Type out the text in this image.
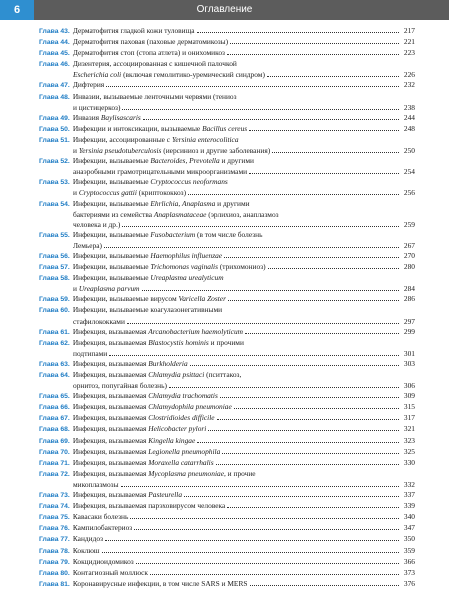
6	Оглавление
Глава 43. Дерматофития гладкой кожи туловища	217
Глава 44. Дерматофития паховая (паховые дерматомикозы)	221
Глава 45. Дерматофития стоп (стопа атлета) и онихомикоз	223
Глава 46. Дизентерия, ассоциированная с кишечной палочкой
Escherichia coli (включая гемолитико-уремический синдром)	226
Глава 47. Дифтерия	232
Глава 48. Инвазии, вызываемые ленточными червями (тениоз
и цистицеркоз)	238
Глава 49. Инвазия Baylisascaris	244
Глава 50. Инфекции и интоксикации, вызываемые Bacillus cereus	248
Глава 51. Инфекции, ассоциированные с Yersinia enterocolitica
и Yersinia pseudotuberculosis (иерсиниоз и другие заболевания)	250
Глава 52. Инфекции, вызываемые Bacteroides, Prevotella и другими
анаэробными грамотрицательными микроорганизмами	254
Глава 53. Инфекции, вызываемые Cryptococcus neoformans
и Cryptococcus gattii (криптококкоз)	256
Глава 54. Инфекции, вызываемые Ehrlichia, Anaplasma и другими
бактериями из семейства Anaplasmataceae (эрлихиоз, анаплазмоз
человека и др.)	259
Глава 55. Инфекции, вызываемые Fusobacterium (в том числе болезнь
Лемьера)	267
Глава 56. Инфекции, вызываемые Haemophilus influenzae	270
Глава 57. Инфекции, вызываемые Trichomonas vaginalis (трихомониоз)	280
Глава 58. Инфекции, вызываемые Ureaplasma urealyticum
и Ureaplasma parvum	284
Глава 59. Инфекции, вызываемые вирусом Varicella Zoster	286
Глава 60. Инфекции, вызываемые коагулазонегативными
стафилококками	297
Глава 61. Инфекция, вызываемая Arcanobacterium haemolyticum	299
Глава 62. Инфекция, вызываемая Blastocystis hominis и прочими
подтипами	301
Глава 63. Инфекция, вызываемая Burkholderia	303
Глава 64. Инфекция, вызываемая Chlamydia psittaci (пситтакоз,
орнитоз, попугайная болезнь)	306
Глава 65. Инфекция, вызываемая Chlamydia trachomatis	309
Глава 66. Инфекция, вызываемая Chlamydophila pneumoniae	315
Глава 67. Инфекция, вызываемая Clostridioides difficile	317
Глава 68. Инфекция, вызываемая Helicobacter pylori	321
Глава 69. Инфекция, вызываемая Kingella kingae	323
Глава 70. Инфекция, вызываемая Legionella pneumophila	325
Глава 71. Инфекция, вызываемая Moraxella catarrhalis	330
Глава 72. Инфекция, вызываемая Mycoplasma pneumoniae, и прочие
микоплазмозы	332
Глава 73. Инфекция, вызываемая Pasteurella	337
Глава 74. Инфекция, вызываемая парэховирусом человека	339
Глава 75. Кавасаки болезнь	340
Глава 76. Кампилобактериоз	347
Глава 77. Кандидоз	350
Глава 78. Коклюш	359
Глава 79. Кокцидиоидомикоз	366
Глава 80. Контагиозный моллюск	373
Глава 81. Коронавирусные инфекции, в том числе SARS и MERS	376
